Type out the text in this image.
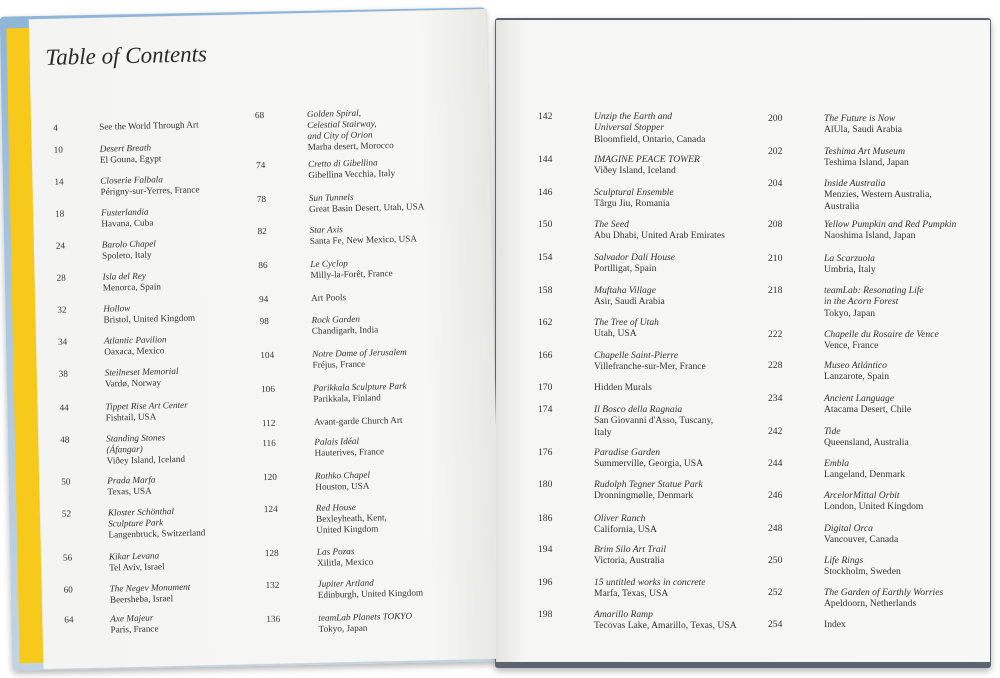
Table of Contents
4	See the World Through Art
10	Desert Breath
El Gouna, Egypt
14	Closerie Falbala
Périgny-sur-Yerres, France
18	Fusterlandia
Havana, Cuba
24	Barolo Chapel
Spoleto, Italy
28	Isla del Rey
Menorca, Spain
32	Hollow
Bristol, United Kingdom
34	Atlantic Pavilion
Oaxaca, Mexico
38	Steilneset Memorial
Vardø, Norway
44	Tippet Rise Art Center
Fishtail, USA
48	Standing Stones
(Áfangar)
Viðey Island, Iceland
50	Prada Marfa
Texas, USA
52	Kloster Schönthal
Sculpture Park
Langenbruck, Switzerland
56	Kikar Levana
Tel Aviv, Israel
60	The Negev Monument
Beersheba, Israel
64	Axe Majeur
Paris, France
68	Golden Spiral,
Celestial Stairway,
and City of Orion
Marha desert, Morocco
74	Cretto di Gibellina
Gibellina Vecchia, Italy
78	Sun Tunnels
Great Basin Desert, Utah, USA
82	Star Axis
Santa Fe, New Mexico, USA
86	Le Cyclop
Milly-la-Forêt, France
94	Art Pools
98	Rock Garden
Chandigarh, India
104	Notre Dame of Jerusalem
Fréjus, France
106	Parikkala Sculpture Park
Parikkala, Finland
112	Avant-garde Church Art
116	Palais Idéal
Hauterives, France
120	Rothko Chapel
Houston, USA
124	Red House
Bexleyheath, Kent,
United Kingdom
128	Las Pozas
Xilitla, Mexico
132	Jupiter Artland
Edinburgh, United Kingdom
136	teamLab Planets TOKYO
Tokyo, Japan
142	Unzip the Earth and
Universal Stopper
Bloomfield, Ontario, Canada
144	IMAGINE PEACE TOWER
Viðey Island, Iceland
146	Sculptural Ensemble
Târgu Jiu, Romania
150	The Seed
Abu Dhabi, United Arab Emirates
154	Salvador Dalí House
Portlligat, Spain
158	Muftaha Village
Asir, Saudi Arabia
162	The Tree of Utah
Utah, USA
166	Chapelle Saint-Pierre
Villefranche-sur-Mer, France
170	Hidden Murals
174	Il Bosco della Ragnaia
San Giovanni d'Asso, Tuscany,
Italy
176	Paradise Garden
Summerville, Georgia, USA
180	Rudolph Tegner Statue Park
Dronningmølle, Denmark
186	Oliver Ranch
California, USA
194	Brim Silo Art Trail
Victoria, Australia
196	15 untitled works in concrete
Marfa, Texas, USA
198	Amarillo Ramp
Tecovas Lake, Amarillo, Texas, USA
200	The Future is Now
AlUla, Saudi Arabia
202	Teshima Art Museum
Teshima Island, Japan
204	Inside Australia
Menzies, Western Australia,
Australia
208	Yellow Pumpkin and Red Pumpkin
Naoshima Island, Japan
210	La Scarzuola
Umbria, Italy
218	teamLab: Resonating Life
in the Acorn Forest
Tokyo, Japan
222	Chapelle du Rosaire de Vence
Vence, France
228	Museo Atlántico
Lanzarote, Spain
234	Ancient Language
Atacama Desert, Chile
242	Tide
Queensland, Australia
244	Embla
Langeland, Denmark
246	ArcelorMittal Orbit
London, United Kingdom
248	Digital Orca
Vancouver, Canada
250	Life Rings
Stockholm, Sweden
252	The Garden of Earthly Worries
Apeldoorn, Netherlands
254	Index
